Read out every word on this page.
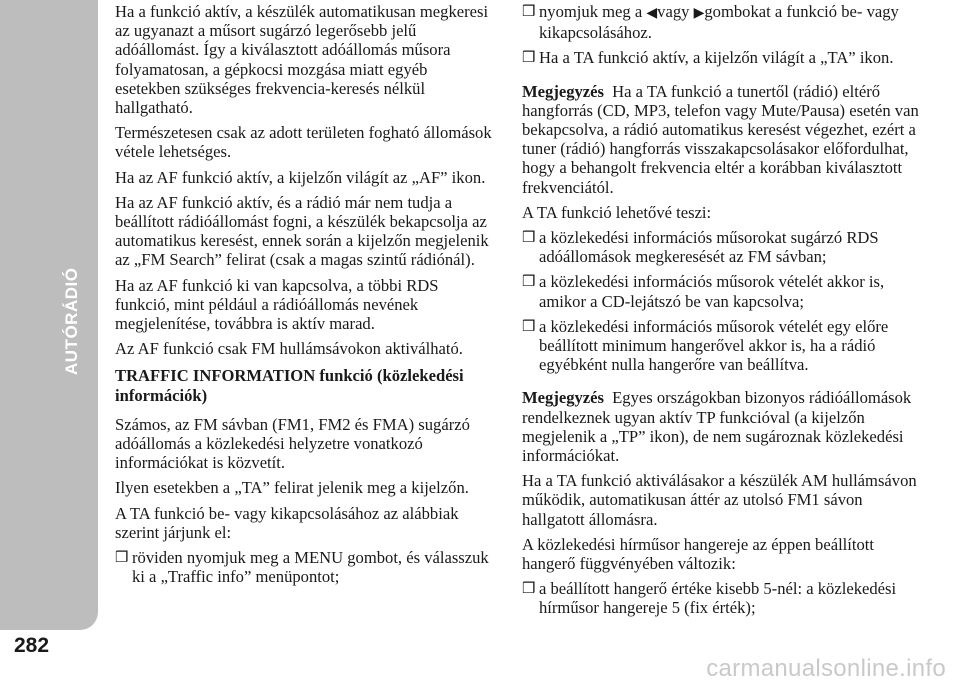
AUTÓRÁDIÓ
282
carmanualsonline.info

Ha a funkció aktív, a készülék automatikusan megkeresi az ugyanazt a műsort sugárzó legerősebb jelű adóállomást. Így a kiválasztott adóállomás műsora folyamatosan, a gépkocsi mozgása miatt egyéb esetekben szükséges frekvencia-keresés nélkül hallgatható.

Természetesen csak az adott területen fogható állomások vétele lehetséges.

Ha az AF funkció aktív, a kijelzőn világít az „AF” ikon.

Ha az AF funkció aktív, és a rádió már nem tudja a beállított rádióállomást fogni, a készülék bekapcsolja az automatikus keresést, ennek során a kijelzőn megjelenik az „FM Search” felirat (csak a magas szintű rádiónál).

Ha az AF funkció ki van kapcsolva, a többi RDS funkció, mint például a rádióállomás nevének megjelenítése, továbbra is aktív marad.

Az AF funkció csak FM hullámsávokon aktiválható.

TRAFFIC INFORMATION funkció (közlekedési információk)

Számos, az FM sávban (FM1, FM2 és FMA) sugárzó adóállomás a közlekedési helyzetre vonatkozó információkat is közvetít.

Ilyen esetekben a „TA” felirat jelenik meg a kijelzőn.

A TA funkció be- vagy kikapcsolásához az alábbiak szerint járjunk el:

❒ röviden nyomjuk meg a MENU gombot, és válasszuk ki a „Traffic info” menüpontot;
❒ nyomjuk meg a ◀vagy ▶gombokat a funkció be- vagy kikapcsolásához.
❒ Ha a TA funkció aktív, a kijelzőn világít a „TA” ikon.

Megjegyzés Ha a TA funkció a tunertől (rádió) eltérő hangforrás (CD, MP3, telefon vagy Mute/Pausa) esetén van bekapcsolva, a rádió automatikus keresést végezhet, ezért a tuner (rádió) hangforrás visszakapcsolásakor előfordulhat, hogy a behangolt frekvencia eltér a korábban kiválasztott frekvenciától.

A TA funkció lehetővé teszi:

❒ a közlekedési információs műsorokat sugárzó RDS adóállomások megkeresését az FM sávban;
❒ a közlekedési információs műsorok vételét akkor is, amikor a CD-lejátszó be van kapcsolva;
❒ a közlekedési információs műsorok vételét egy előre beállított minimum hangerővel akkor is, ha a rádió egyébként nulla hangerőre van beállítva.

Megjegyzés Egyes országokban bizonyos rádióállomások rendelkeznek ugyan aktív TP funkcióval (a kijelzőn megjelenik a „TP” ikon), de nem sugároznak közlekedési információkat.

Ha a TA funkció aktiválásakor a készülék AM hullámsávon működik, automatikusan áttér az utolsó FM1 sávon hallgatott állomásra.

A közlekedési hírműsor hangereje az éppen beállított hangerő függvényében változik:

❒ a beállított hangerő értéke kisebb 5-nél: a közlekedési hírműsor hangereje 5 (fix érték);
